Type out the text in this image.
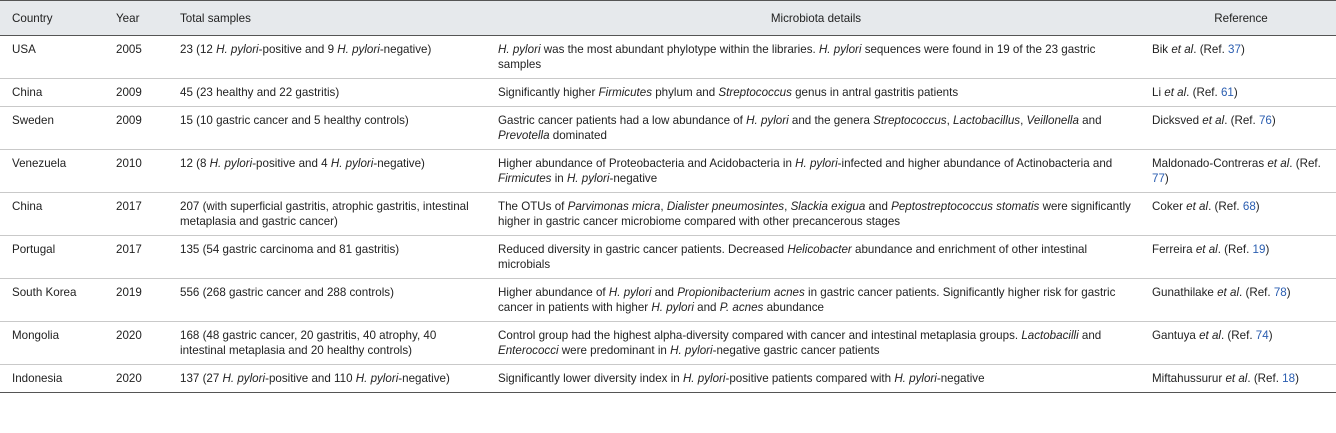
Country	Year	Total samples	Microbiota details	Reference
USA	2005	23 (12 H. pylori-positive and 9 H. pylori-negative)	H. pylori was the most abundant phylotype within the libraries. H. pylori sequences were found in 19 of the 23 gastric samples	Bik et al. (Ref. 37)
China	2009	45 (23 healthy and 22 gastritis)	Significantly higher Firmicutes phylum and Streptococcus genus in antral gastritis patients	Li et al. (Ref. 61)
Sweden	2009	15 (10 gastric cancer and 5 healthy controls)	Gastric cancer patients had a low abundance of H. pylori and the genera Streptococcus, Lactobacillus, Veillonella and Prevotella dominated	Dicksved et al. (Ref. 76)
Venezuela	2010	12 (8 H. pylori-positive and 4 H. pylori-negative)	Higher abundance of Proteobacteria and Acidobacteria in H. pylori-infected and higher abundance of Actinobacteria and Firmicutes in H. pylori-negative	Maldonado-Contreras et al. (Ref. 77)
China	2017	207 (with superficial gastritis, atrophic gastritis, intestinal metaplasia and gastric cancer)	The OTUs of Parvimonas micra, Dialister pneumosintes, Slackia exigua and Peptostreptococcus stomatis were significantly higher in gastric cancer microbiome compared with other precancerous stages	Coker et al. (Ref. 68)
Portugal	2017	135 (54 gastric carcinoma and 81 gastritis)	Reduced diversity in gastric cancer patients. Decreased Helicobacter abundance and enrichment of other intestinal microbials	Ferreira et al. (Ref. 19)
South Korea	2019	556 (268 gastric cancer and 288 controls)	Higher abundance of H. pylori and Propionibacterium acnes in gastric cancer patients. Significantly higher risk for gastric cancer in patients with higher H. pylori and P. acnes abundance	Gunathilake et al. (Ref. 78)
Mongolia	2020	168 (48 gastric cancer, 20 gastritis, 40 atrophy, 40 intestinal metaplasia and 20 healthy controls)	Control group had the highest alpha-diversity compared with cancer and intestinal metaplasia groups. Lactobacilli and Enterococci were predominant in H. pylori-negative gastric cancer patients	Gantuya et al. (Ref. 74)
Indonesia	2020	137 (27 H. pylori-positive and 110 H. pylori-negative)	Significantly lower diversity index in H. pylori-positive patients compared with H. pylori-negative	Miftahussurur et al. (Ref. 18)
